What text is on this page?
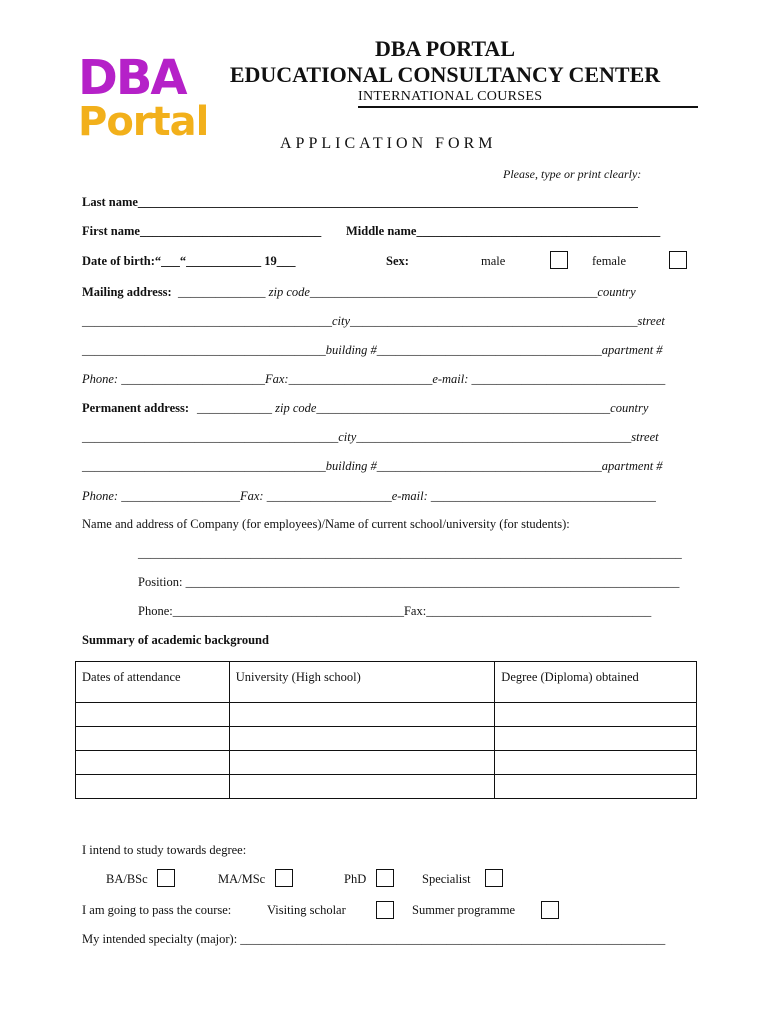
DBA
Portal
DBA PORTAL
EDUCATIONAL CONSULTANCY CENTER
INTERNATIONAL COURSES
APPLICATION FORM
Please, type or print clearly:
Last name________________________________________________________________________________
First name_____________________________ Middle name_______________________________________
Date of birth:“___“____________ 19___	Sex:	male	female
Mailing address: ______________ zip code______________________________________________country
________________________________________city______________________________________________street
_______________________________________building #____________________________________apartment #
Phone: _______________________Fax:_______________________e-mail: _______________________________
Permanent address: ____________ zip code_______________________________________________country
_________________________________________city____________________________________________street
_______________________________________building #____________________________________apartment #
Phone: ___________________Fax: ____________________e-mail: ____________________________________
Name and address of Company (for employees)/Name of current school/university (for students):
_______________________________________________________________________________________
Position: _______________________________________________________________________________
Phone:_____________________________________Fax:____________________________________
Summary of academic background
Dates of attendance	University (High school)	Degree (Diploma) obtained

I intend to study towards degree:
BA/BSc	MA/MSc	PhD	Specialist
I am going to pass the course:	Visiting scholar	Summer programme
My intended specialty (major): ____________________________________________________________________
